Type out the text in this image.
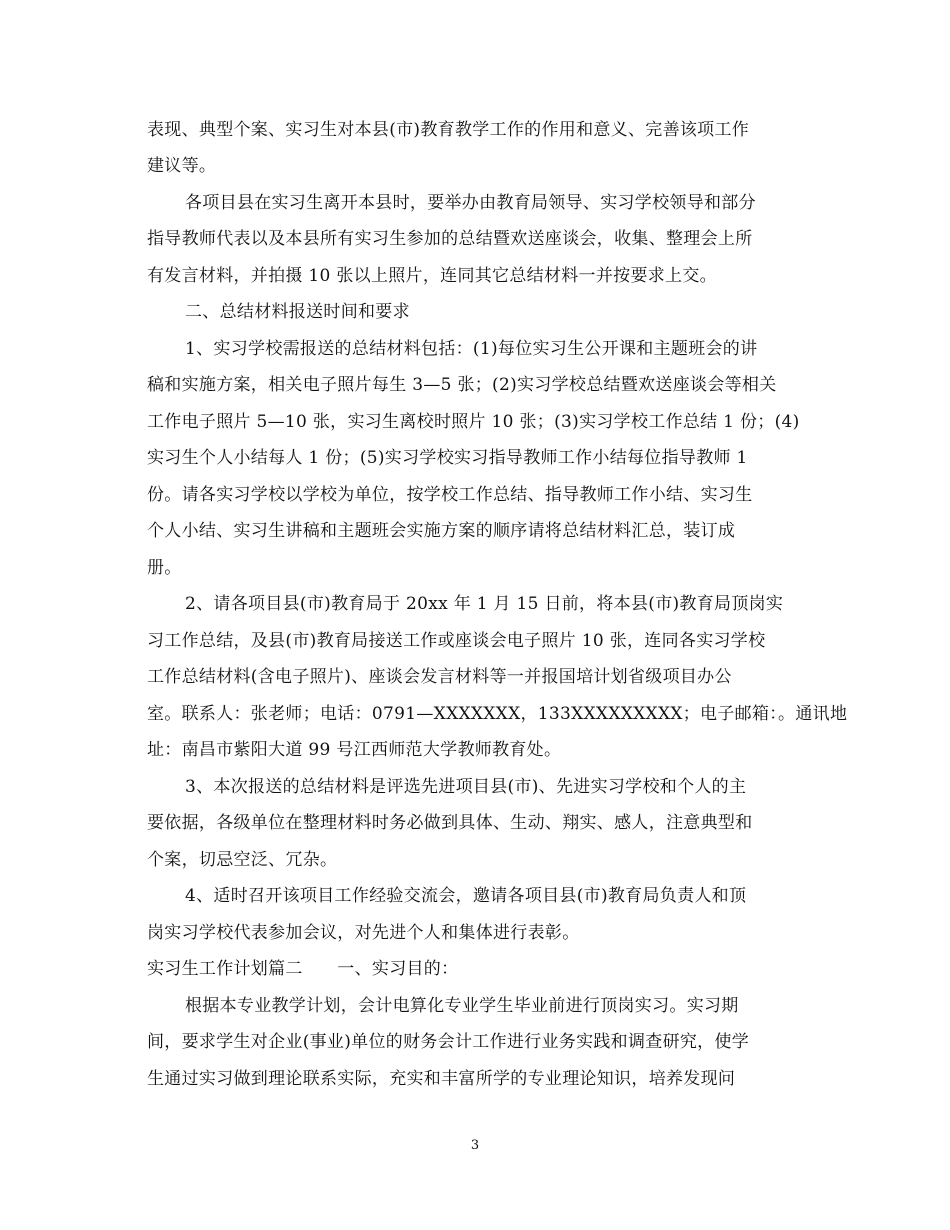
表现、典型个案、实习生对本县(市)教育教学工作的作用和意义、完善该项工作
建议等。
各项目县在实习生离开本县时，要举办由教育局领导、实习学校领导和部分
指导教师代表以及本县所有实习生参加的总结暨欢送座谈会，收集、整理会上所
有发言材料，并拍摄 10 张以上照片，连同其它总结材料一并按要求上交。
二、总结材料报送时间和要求
1、实习学校需报送的总结材料包括：(1)每位实习生公开课和主题班会的讲
稿和实施方案，相关电子照片每生 3—5 张；(2)实习学校总结暨欢送座谈会等相关
工作电子照片 5—10 张，实习生离校时照片 10 张；(3)实习学校工作总结 1 份；(4)
实习生个人小结每人 1 份；(5)实习学校实习指导教师工作小结每位指导教师 1
份。请各实习学校以学校为单位，按学校工作总结、指导教师工作小结、实习生
个人小结、实习生讲稿和主题班会实施方案的顺序请将总结材料汇总，装订成
册。
2、请各项目县(市)教育局于 20xx 年 1 月 15 日前，将本县(市)教育局顶岗实
习工作总结，及县(市)教育局接送工作或座谈会电子照片 10 张，连同各实习学校
工作总结材料(含电子照片)、座谈会发言材料等一并报国培计划省级项目办公
室。联系人：张老师；电话：0791—XXXXXXX，133XXXXXXXXX；电子邮箱：。通讯地
址：南昌市紫阳大道 99 号江西师范大学教师教育处。
3、本次报送的总结材料是评选先进项目县(市)、先进实习学校和个人的主
要依据，各级单位在整理材料时务必做到具体、生动、翔实、感人，注意典型和
个案，切忌空泛、冗杂。
4、适时召开该项目工作经验交流会，邀请各项目县(市)教育局负责人和顶
岗实习学校代表参加会议，对先进个人和集体进行表彰。
实习生工作计划篇二　　一、实习目的：
根据本专业教学计划，会计电算化专业学生毕业前进行顶岗实习。实习期
间，要求学生对企业(事业)单位的财务会计工作进行业务实践和调查研究，使学
生通过实习做到理论联系实际，充实和丰富所学的专业理论知识，培养发现问
3
